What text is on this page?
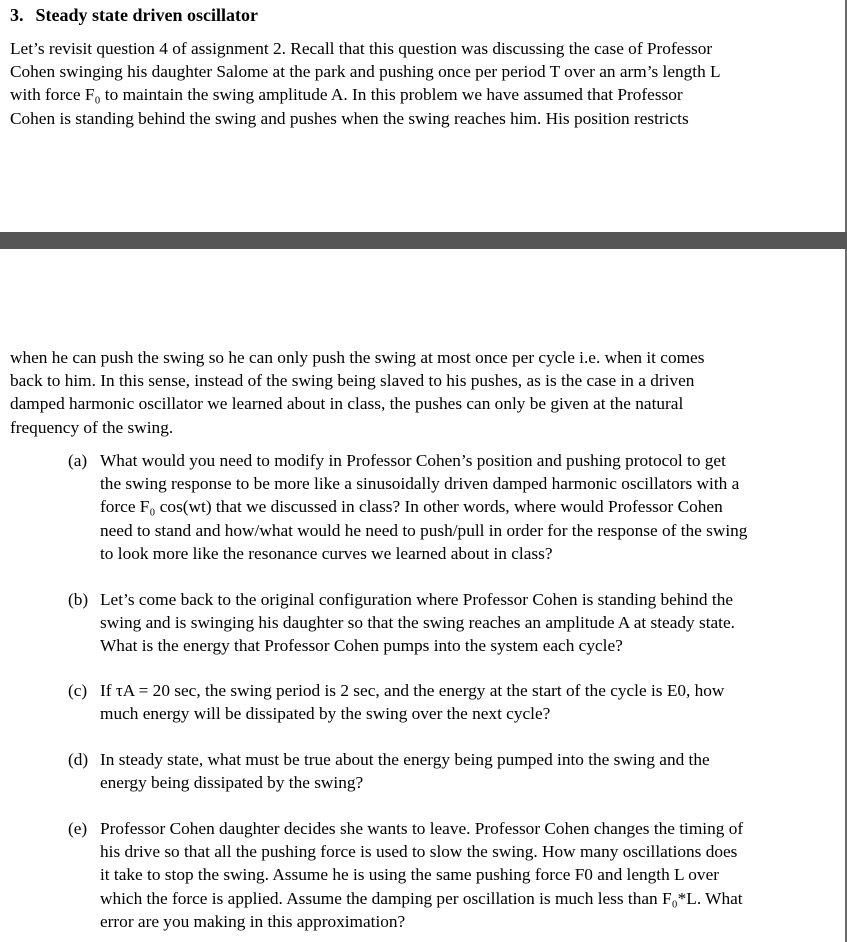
3. Steady state driven oscillator
Let’s revisit question 4 of assignment 2. Recall that this question was discussing the case of Professor
Cohen swinging his daughter Salome at the park and pushing once per period T over an arm’s length L
with force F₀ to maintain the swing amplitude A. In this problem we have assumed that Professor
Cohen is standing behind the swing and pushes when the swing reaches him. His position restricts
when he can push the swing so he can only push the swing at most once per cycle i.e. when it comes
back to him. In this sense, instead of the swing being slaved to his pushes, as is the case in a driven
damped harmonic oscillator we learned about in class, the pushes can only be given at the natural
frequency of the swing.
(a) What would you need to modify in Professor Cohen’s position and pushing protocol to get
the swing response to be more like a sinusoidally driven damped harmonic oscillators with a
force F₀ cos(wt) that we discussed in class? In other words, where would Professor Cohen
need to stand and how/what would he need to push/pull in order for the response of the swing
to look more like the resonance curves we learned about in class?
(b) Let’s come back to the original configuration where Professor Cohen is standing behind the
swing and is swinging his daughter so that the swing reaches an amplitude A at steady state.
What is the energy that Professor Cohen pumps into the system each cycle?
(c) If τA = 20 sec, the swing period is 2 sec, and the energy at the start of the cycle is E0, how
much energy will be dissipated by the swing over the next cycle?
(d) In steady state, what must be true about the energy being pumped into the swing and the
energy being dissipated by the swing?
(e) Professor Cohen daughter decides she wants to leave. Professor Cohen changes the timing of
his drive so that all the pushing force is used to slow the swing. How many oscillations does
it take to stop the swing. Assume he is using the same pushing force F0 and length L over
which the force is applied. Assume the damping per oscillation is much less than F₀*L. What
error are you making in this approximation?
